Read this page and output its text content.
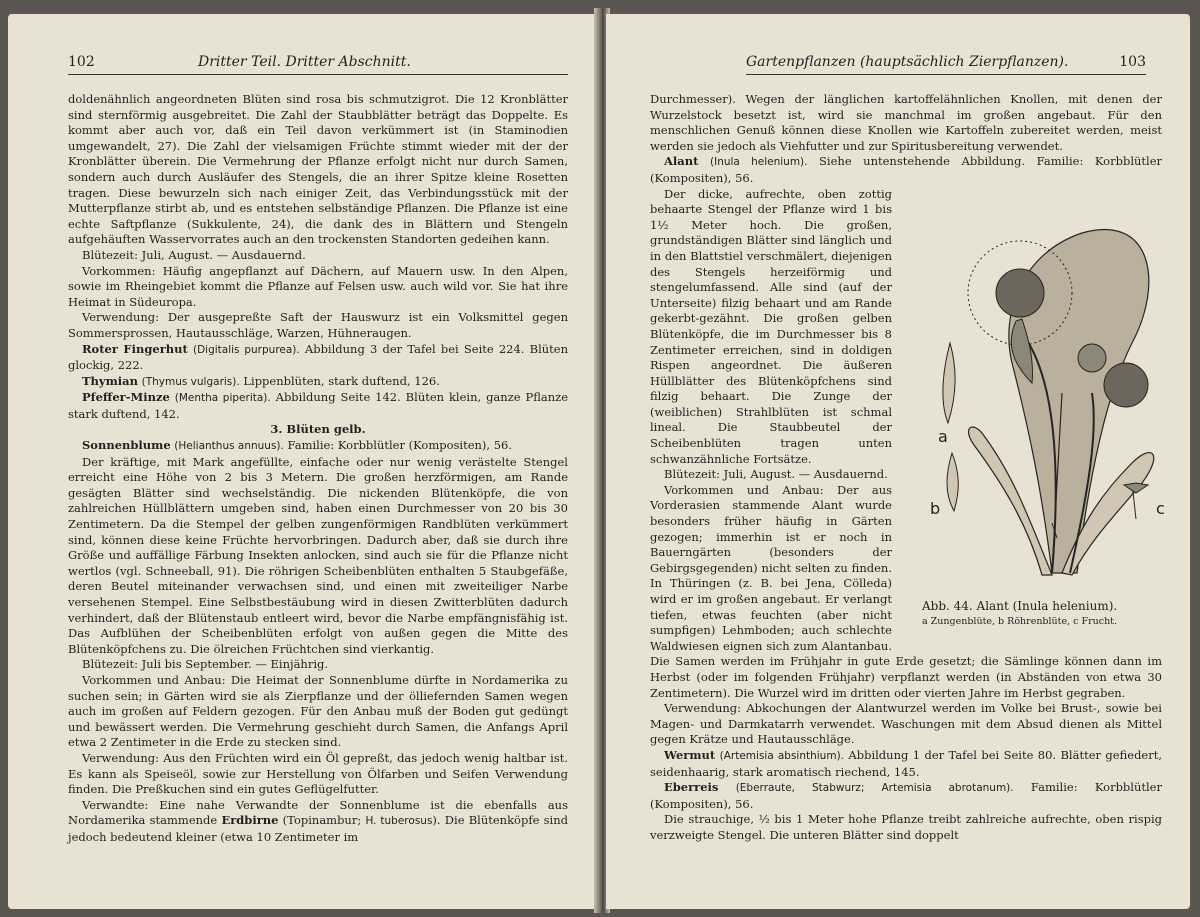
102	Dritter Teil. Dritter Abschnitt.

doldenähnlich angeordneten Blüten sind rosa bis schmutzigrot. Die 12 Kronblätter sind sternförmig ausgebreitet. Die Zahl der Staubblätter beträgt das Doppelte. Es kommt aber auch vor, daß ein Teil davon verkümmert ist (in Staminodien umgewandelt, 27). Die Zahl der vielsamigen Früchte stimmt wieder mit der der Kronblätter überein. Die Vermehrung der Pflanze erfolgt nicht nur durch Samen, sondern auch durch Ausläufer des Stengels, die an ihrer Spitze kleine Rosetten tragen. Diese bewurzeln sich nach einiger Zeit, das Verbindungsstück mit der Mutterpflanze stirbt ab, und es entstehen selbständige Pflanzen. Die Pflanze ist eine echte Saftpflanze (Sukkulente, 24), die dank des in Blättern und Stengeln aufgehäuften Wasservorrates auch an den trockensten Standorten gedeihen kann.

Blütezeit: Juli, August. — Ausdauernd.

Vorkommen: Häufig angepflanzt auf Dächern, auf Mauern usw. In den Alpen, sowie im Rheingebiet kommt die Pflanze auf Felsen usw. auch wild vor. Sie hat ihre Heimat in Südeuropa.

Verwendung: Der ausgepreßte Saft der Hauswurz ist ein Volksmittel gegen Sommersprossen, Hautausschläge, Warzen, Hühneraugen.

Roter Fingerhut (Digitalis purpurea). Abbildung 3 der Tafel bei Seite 224. Blüten glockig, 222.

Thymian (Thymus vulgaris). Lippenblüten, stark duftend, 126.

Pfeffer-Minze (Mentha piperita). Abbildung Seite 142. Blüten klein, ganze Pflanze stark duftend, 142.

3. Blüten gelb.

Sonnenblume (Helianthus annuus). Familie: Korbblütler (Kompositen), 56.

Der kräftige, mit Mark angefüllte, einfache oder nur wenig verästelte Stengel erreicht eine Höhe von 2 bis 3 Metern. Die großen herzförmigen, am Rande gesägten Blätter sind wechselständig. Die nickenden Blütenköpfe, die von zahlreichen Hüllblättern umgeben sind, haben einen Durchmesser von 20 bis 30 Zentimetern. Da die Stempel der gelben zungenförmigen Randblüten verkümmert sind, können diese keine Früchte hervorbringen. Dadurch aber, daß sie durch ihre Größe und auffällige Färbung Insekten anlocken, sind auch sie für die Pflanze nicht wertlos (vgl. Schneeball, 91). Die röhrigen Scheibenblüten enthalten 5 Staubgefäße, deren Beutel miteinander verwachsen sind, und einen mit zweiteiliger Narbe versehenen Stempel. Eine Selbstbestäubung wird in diesen Zwitterblüten dadurch verhindert, daß der Blütenstaub entleert wird, bevor die Narbe empfängnisfähig ist. Das Aufblühen der Scheibenblüten erfolgt von außen gegen die Mitte des Blütenköpfchens zu. Die ölreichen Früchtchen sind vierkantig.

Blütezeit: Juli bis September. — Einjährig.

Vorkommen und Anbau: Die Heimat der Sonnenblume dürfte in Nordamerika zu suchen sein; in Gärten wird sie als Zierpflanze und der ölliefernden Samen wegen auch im großen auf Feldern gezogen. Für den Anbau muß der Boden gut gedüngt und bewässert werden. Die Vermehrung geschieht durch Samen, die Anfangs April etwa 2 Zentimeter in die Erde zu stecken sind.

Verwendung: Aus den Früchten wird ein Öl gepreßt, das jedoch wenig haltbar ist. Es kann als Speiseöl, sowie zur Herstellung von Ölfarben und Seifen Verwendung finden. Die Preßkuchen sind ein gutes Geflügelfutter.

Verwandte: Eine nahe Verwandte der Sonnenblume ist die ebenfalls aus Nordamerika stammende Erdbirne (Topinambur; H. tuberosus). Die Blütenköpfe sind jedoch bedeutend kleiner (etwa 10 Zentimeter im

Gartenpflanzen (hauptsächlich Zierpflanzen).	103

Durchmesser). Wegen der länglichen kartoffelähnlichen Knollen, mit denen der Wurzelstock besetzt ist, wird sie manchmal im großen angebaut. Für den menschlichen Genuß können diese Knollen wie Kartoffeln zubereitet werden, meist werden sie jedoch als Viehfutter und zur Spiritusbereitung verwendet.

Alant (Inula helenium). Siehe untenstehende Abbildung. Familie: Korbblütler (Kompositen), 56.

a
b	c
Abb. 44. Alant (Inula helenium).
a Zungenblüte, b Röhrenblüte, c Frucht.

Der dicke, aufrechte, oben zottig behaarte Stengel der Pflanze wird 1 bis 1½ Meter hoch. Die großen, grundständigen Blätter sind länglich und in den Blattstiel verschmälert, diejenigen des Stengels herzeiförmig und stengelumfassend. Alle sind (auf der Unterseite) filzig behaart und am Rande gekerbt-gezähnt. Die großen gelben Blütenköpfe, die im Durchmesser bis 8 Zentimeter erreichen, sind in doldigen Rispen angeordnet. Die äußeren Hüllblätter des Blütenköpfchens sind filzig behaart. Die Zunge der (weiblichen) Strahlblüten ist schmal lineal. Die Staubbeutel der Scheibenblüten tragen unten schwanzähnliche Fortsätze.

Blütezeit: Juli, August. — Ausdauernd.

Vorkommen und Anbau: Der aus Vorderasien stammende Alant wurde besonders früher häufig in Gärten gezogen; immerhin ist er noch in Bauerngärten (besonders der Gebirgsgegenden) nicht selten zu finden. In Thüringen (z. B. bei Jena, Cölleda) wird er im großen angebaut. Er verlangt tiefen, etwas feuchten (aber nicht sumpfigen) Lehmboden; auch schlechte Waldwiesen eignen sich zum Alantanbau. Die Samen werden im Frühjahr in gute Erde gesetzt; die Sämlinge können dann im Herbst (oder im folgenden Frühjahr) verpflanzt werden (in Abständen von etwa 30 Zentimetern). Die Wurzel wird im dritten oder vierten Jahre im Herbst gegraben.

Verwendung: Abkochungen der Alantwurzel werden im Volke bei Brust-, sowie bei Magen- und Darmkatarrh verwendet. Waschungen mit dem Absud dienen als Mittel gegen Krätze und Hautausschläge.

Wermut (Artemisia absinthium). Abbildung 1 der Tafel bei Seite 80. Blätter gefiedert, seidenhaarig, stark aromatisch riechend, 145.

Eberreis (Eberraute, Stabwurz; Artemisia abrotanum). Familie: Korbblütler (Kompositen), 56.

Die strauchige, ½ bis 1 Meter hohe Pflanze treibt zahlreiche aufrechte, oben rispig verzweigte Stengel. Die unteren Blätter sind doppelt
